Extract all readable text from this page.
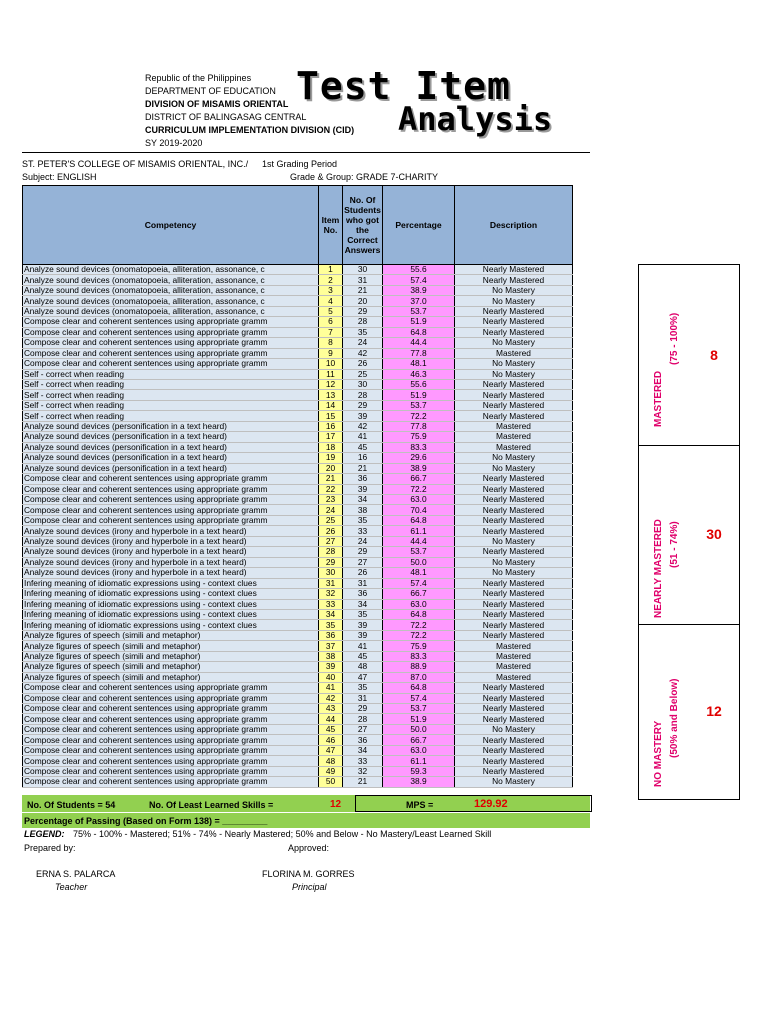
Republic of the Philippines
DEPARTMENT OF EDUCATION
DIVISION OF MISAMIS ORIENTAL
DISTRICT OF BALINGASAG CENTRAL
CURRICULUM IMPLEMENTATION DIVISION (CID)
SY 2019-2020
Test Item
Analysis
ST. PETER'S COLLEGE OF MISAMIS ORIENTAL, INC./ 1st Grading Period
Subject: ENGLISH	Grade & Group: GRADE 7-CHARITY
Competency	Item No.	No. Of Students who got the Correct Answers	Percentage	Description
Analyze sound devices (onomatopoeia, alliteration, assonance, c	1	30	55.6	Nearly Mastered
Analyze sound devices (onomatopoeia, alliteration, assonance, c	2	31	57.4	Nearly Mastered
Analyze sound devices (onomatopoeia, alliteration, assonance, c	3	21	38.9	No Mastery
Analyze sound devices (onomatopoeia, alliteration, assonance, c	4	20	37.0	No Mastery
Analyze sound devices (onomatopoeia, alliteration, assonance, c	5	29	53.7	Nearly Mastered
Compose clear and coherent sentences using appropriate gramm	6	28	51.9	Nearly Mastered
Compose clear and coherent sentences using appropriate gramm	7	35	64.8	Nearly Mastered
Compose clear and coherent sentences using appropriate gramm	8	24	44.4	No Mastery
Compose clear and coherent sentences using appropriate gramm	9	42	77.8	Mastered
Compose clear and coherent sentences using appropriate gramm	10	26	48.1	No Mastery
Self - correct when reading	11	25	46.3	No Mastery
Self - correct when reading	12	30	55.6	Nearly Mastered
Self - correct when reading	13	28	51.9	Nearly Mastered
Self - correct when reading	14	29	53.7	Nearly Mastered
Self - correct when reading	15	39	72.2	Nearly Mastered
Analyze sound devices (personification in a text heard)	16	42	77.8	Mastered
Analyze sound devices (personification in a text heard)	17	41	75.9	Mastered
Analyze sound devices (personification in a text heard)	18	45	83.3	Mastered
Analyze sound devices (personification in a text heard)	19	16	29.6	No Mastery
Analyze sound devices (personification in a text heard)	20	21	38.9	No Mastery
Compose clear and coherent sentences using appropriate gramm	21	36	66.7	Nearly Mastered
Compose clear and coherent sentences using appropriate gramm	22	39	72.2	Nearly Mastered
Compose clear and coherent sentences using appropriate gramm	23	34	63.0	Nearly Mastered
Compose clear and coherent sentences using appropriate gramm	24	38	70.4	Nearly Mastered
Compose clear and coherent sentences using appropriate gramm	25	35	64.8	Nearly Mastered
Analyze sound devices (irony and hyperbole in a text heard)	26	33	61.1	Nearly Mastered
Analyze sound devices (irony and hyperbole in a text heard)	27	24	44.4	No Mastery
Analyze sound devices (irony and hyperbole in a text heard)	28	29	53.7	Nearly Mastered
Analyze sound devices (irony and hyperbole in a text heard)	29	27	50.0	No Mastery
Analyze sound devices (irony and hyperbole in a text heard)	30	26	48.1	No Mastery
Infering meaning of idiomatic expressions using - context clues	31	31	57.4	Nearly Mastered
Infering meaning of idiomatic expressions using - context clues	32	36	66.7	Nearly Mastered
Infering meaning of idiomatic expressions using - context clues	33	34	63.0	Nearly Mastered
Infering meaning of idiomatic expressions using - context clues	34	35	64.8	Nearly Mastered
Infering meaning of idiomatic expressions using - context clues	35	39	72.2	Nearly Mastered
Analyze figures of speech (simili and metaphor)	36	39	72.2	Nearly Mastered
Analyze figures of speech (simili and metaphor)	37	41	75.9	Mastered
Analyze figures of speech (simili and metaphor)	38	45	83.3	Mastered
Analyze figures of speech (simili and metaphor)	39	48	88.9	Mastered
Analyze figures of speech (simili and metaphor)	40	47	87.0	Mastered
Compose clear and coherent sentences using appropriate gramm	41	35	64.8	Nearly Mastered
Compose clear and coherent sentences using appropriate gramm	42	31	57.4	Nearly Mastered
Compose clear and coherent sentences using appropriate gramm	43	29	53.7	Nearly Mastered
Compose clear and coherent sentences using appropriate gramm	44	28	51.9	Nearly Mastered
Compose clear and coherent sentences using appropriate gramm	45	27	50.0	No Mastery
Compose clear and coherent sentences using appropriate gramm	46	36	66.7	Nearly Mastered
Compose clear and coherent sentences using appropriate gramm	47	34	63.0	Nearly Mastered
Compose clear and coherent sentences using appropriate gramm	48	33	61.1	Nearly Mastered
Compose clear and coherent sentences using appropriate gramm	49	32	59.3	Nearly Mastered
Compose clear and coherent sentences using appropriate gramm	50	21	38.9	No Mastery
No. Of Students = 54	No. Of Least Learned Skills =	12	MPS =	129.92
Percentage of Passing (Based on Form 138) = _________
LEGEND: 75% - 100% - Mastered; 51% - 74% - Nearly Mastered; 50% and Below - No Mastery/Least Learned Skill
Prepared by:	Approved:
ERNA S. PALARCA
Teacher
FLORINA M. GORRES
Principal
MASTERED
(75 - 100%)	8
NEARLY MASTERED (51 - 74%)	30
NO MASTERY (50% and Below)	12
